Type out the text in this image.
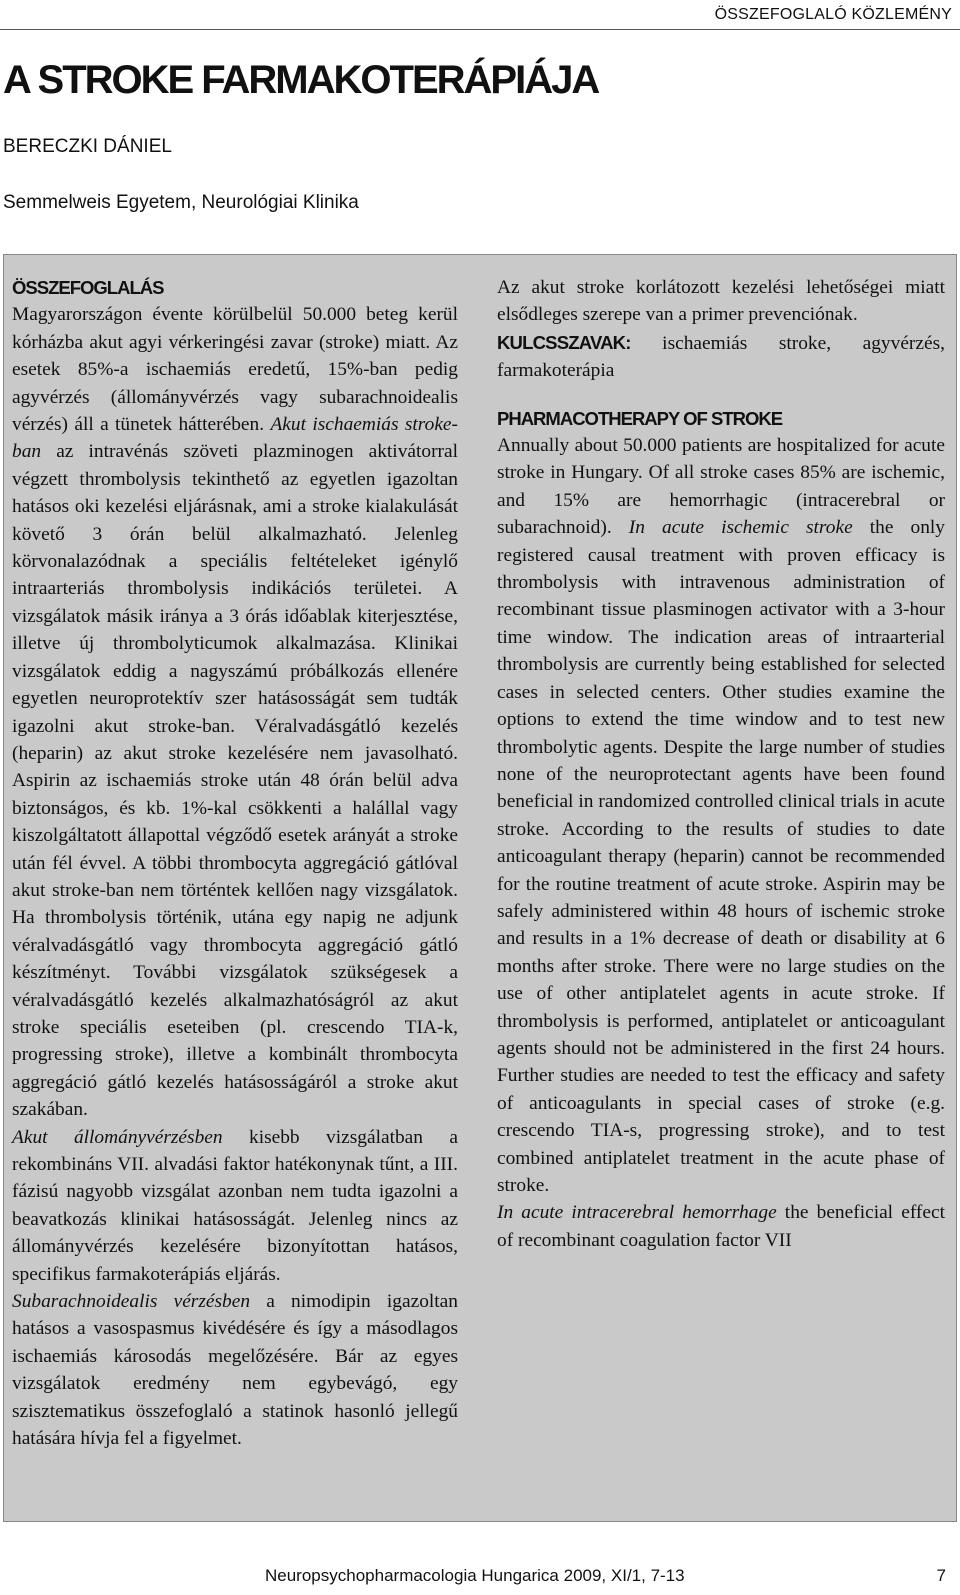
ÖSSZEFOGLALÓ KÖZLEMÉNY
A STROKE FARMAKOTERÁPIÁJA
BERECZKI DÁNIEL
Semmelweis Egyetem, Neurológiai Klinika
ÖSSZEFOGLALÁS

Magyarországon évente körülbelül 50.000 beteg kerül kórházba akut agyi vérkeringési zavar (stroke) miatt. Az esetek 85%-a ischaemiás eredetű, 15%-ban pedig agyvérzés (állományvérzés vagy subarachnoidealis vérzés) áll a tünetek hátterében. Akut ischaemiás stroke-ban az intravénás szöveti plazminogen aktivátorral végzett thrombolysis tekinthető az egyetlen igazoltan hatásos oki kezelési eljárásnak, ami a stroke kialakulását követő 3 órán belül alkalmazható. Jelenleg körvonalazódnak a speciális feltételeket igénylő intraarteriás thrombolysis indikációs területei. A vizsgálatok másik iránya a 3 órás időablak kiterjesztése, illetve új thrombolyticumok alkalmazása. Klinikai vizsgálatok eddig a nagyszámú próbálkozás ellenére egyetlen neuroprotektív szer hatásosságát sem tudták igazolni akut stroke-ban. Véralvadásgátló kezelés (heparin) az akut stroke kezelésére nem javasolható. Aspirin az ischaemiás stroke után 48 órán belül adva biztonságos, és kb. 1%-kal csökkenti a halállal vagy kiszolgáltatott állapottal végződő esetek arányát a stroke után fél évvel. A többi thrombocyta aggregáció gátlóval akut stroke-ban nem történtek kellően nagy vizsgálatok. Ha thrombolysis történik, utána egy napig ne adjunk véralvadásgátló vagy thrombocyta aggregáció gátló készítményt. További vizsgálatok szükségesek a véralvadásgátló kezelés alkalmazhatóságról az akut stroke speciális eseteiben (pl. crescendo TIA-k, progressing stroke), illetve a kombinált thrombocyta aggregáció gátló kezelés hatásosságáról a stroke akut szakában.

Akut állományvérzésben kisebb vizsgálatban a rekombináns VII. alvadási faktor hatékonynak tűnt, a III. fázisú nagyobb vizsgálat azonban nem tudta igazolni a beavatkozás klinikai hatásosságát. Jelenleg nincs az állományvérzés kezelésére bizonyítottan hatásos, specifikus farmakoterápiás eljárás.

Subarachnoidealis vérzésben a nimodipin igazoltan hatásos a vasospasmus kivédésére és így a másodlagos ischaemiás károsodás megelőzésére. Bár az egyes vizsgálatok eredmény nem egybevágó, egy szisztematikus összefoglaló a statinok hasonló jellegű hatására hívja fel a figyelmet.

Az akut stroke korlátozott kezelési lehetőségei miatt elsődleges szerepe van a primer prevenciónak.

KULCSSZAVAK: ischaemiás stroke, agyvérzés, farmakoterápia

PHARMACOTHERAPY OF STROKE

Annually about 50.000 patients are hospitalized for acute stroke in Hungary. Of all stroke cases 85% are ischemic, and 15% are hemorrhagic (intracerebral or subarachnoid). In acute ischemic stroke the only registered causal treatment with proven efficacy is thrombolysis with intravenous administration of recombinant tissue plasminogen activator with a 3-hour time window. The indication areas of intraarterial thrombolysis are currently being established for selected cases in selected centers. Other studies examine the options to extend the time window and to test new thrombolytic agents. Despite the large number of studies none of the neuroprotectant agents have been found beneficial in randomized controlled clinical trials in acute stroke. According to the results of studies to date anticoagulant therapy (heparin) cannot be recommended for the routine treatment of acute stroke. Aspirin may be safely administered within 48 hours of ischemic stroke and results in a 1% decrease of death or disability at 6 months after stroke. There were no large studies on the use of other antiplatelet agents in acute stroke. If thrombolysis is performed, antiplatelet or anticoagulant agents should not be administered in the first 24 hours. Further studies are needed to test the efficacy and safety of anticoagulants in special cases of stroke (e.g. crescendo TIA-s, progressing stroke), and to test combined antiplatelet treatment in the acute phase of stroke.

In acute intracerebral hemorrhage the beneficial effect of recombinant coagulation factor VII

Neuropsychopharmacologia Hungarica 2009, XI/1, 7-13	7
